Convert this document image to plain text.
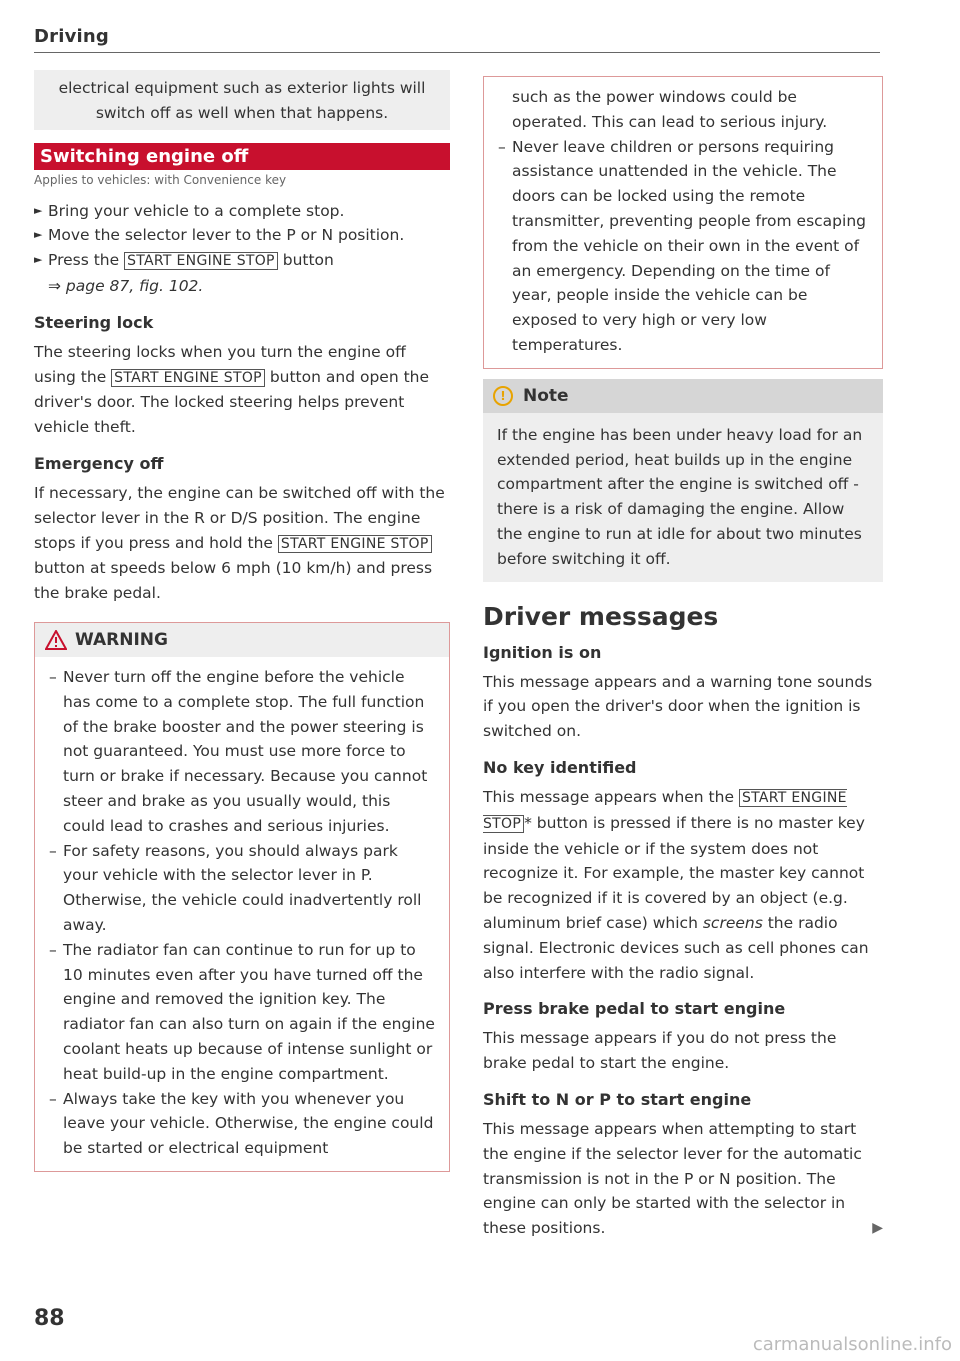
Driving

electrical equipment such as exterior lights will switch off as well when that happens.

Switching engine off
Applies to vehicles: with Convenience key
► Bring your vehicle to a complete stop.
► Move the selector lever to the P or N position.
► Press the START ENGINE STOP button

⇒ page 87, fig. 102.

Steering lock

The steering locks when you turn the engine off using the START ENGINE STOP button and open the driver's door. The locked steering helps prevent vehicle theft.

Emergency off

If necessary, the engine can be switched off with the selector lever in the R or D/S position. The engine stops if you press and hold the START ENGINE STOP button at speeds below 6 mph (10 km/h) and press the brake pedal.

WARNING
– Never turn off the engine before the vehicle has come to a complete stop. The full function of the brake booster and the power steering is not guaranteed. You must use more force to turn or brake if necessary. Because you cannot steer and brake as you usually would, this could lead to crashes and serious injuries.
– For safety reasons, you should always park your vehicle with the selector lever in P. Otherwise, the vehicle could inadvertently roll away.
– The radiator fan can continue to run for up to 10 minutes even after you have turned off the engine and removed the ignition key. The radiator fan can also turn on again if the engine coolant heats up because of intense sunlight or heat build-up in the engine compartment.
– Always take the key with you whenever you leave your vehicle. Otherwise, the engine could be started or electrical equipment

such as the power windows could be operated. This can lead to serious injury.

– Never leave children or persons requiring assistance unattended in the vehicle. The doors can be locked using the remote transmitter, preventing people from escaping from the vehicle on their own in the event of an emergency. Depending on the time of year, people inside the vehicle can be exposed to very high or very low temperatures.
!	Note

If the engine has been under heavy load for an extended period, heat builds up in the engine compartment after the engine is switched off - there is a risk of damaging the engine. Allow the engine to run at idle for about two minutes before switching it off.

Driver messages
Ignition is on

This message appears and a warning tone sounds if you open the driver's door when the ignition is switched on.

No key identified

This message appears when the START ENGINE STOP * button is pressed if there is no master key inside the vehicle or if the system does not recognize it. For example, the master key cannot be recognized if it is covered by an object (e.g. aluminum brief case) which screens the radio signal. Electronic devices such as cell phones can also interfere with the radio signal.

Press brake pedal to start engine

This message appears if you do not press the brake pedal to start the engine.

Shift to N or P to start engine

This message appears when attempting to start the engine if the selector lever for the automatic transmission is not in the P or N position. The engine can only be started with the selector in these positions.	▶

88
carmanualsonline.info
